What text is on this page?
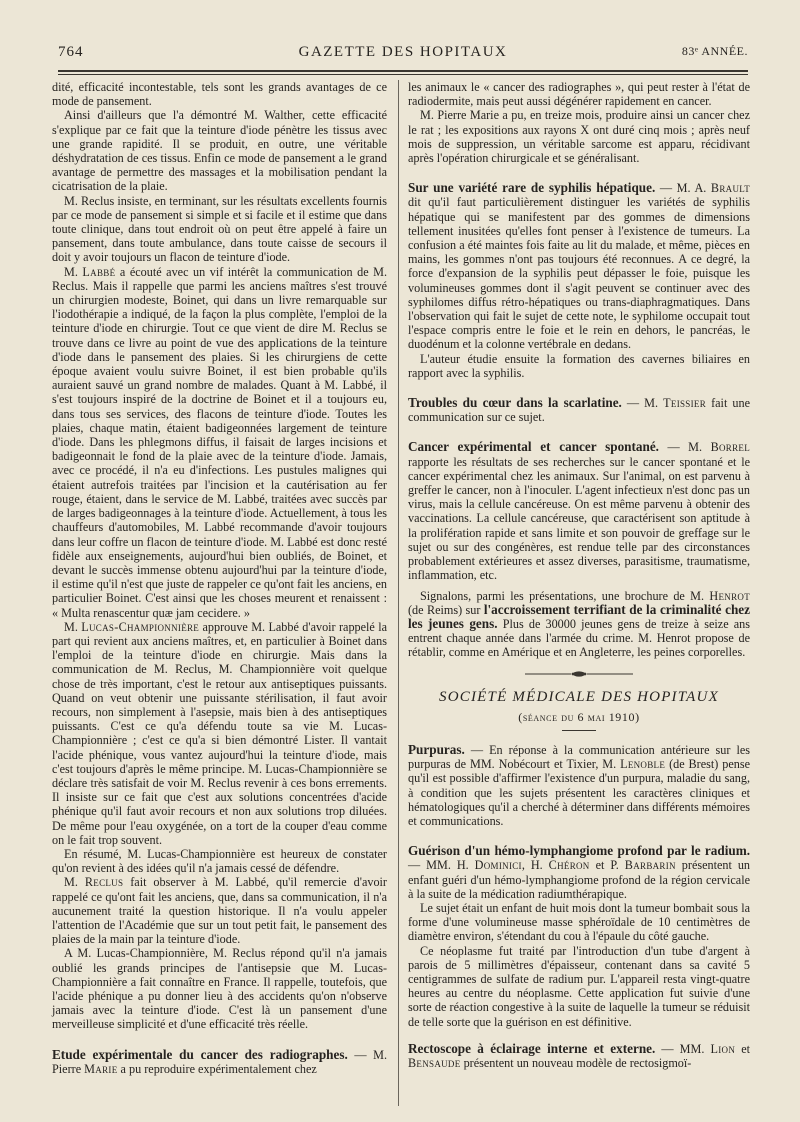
764	GAZETTE DES HOPITAUX	83ᵉ ANNÉE.

dité, efficacité incontestable, tels sont les grands avantages de ce mode de pansement.

Ainsi d'ailleurs que l'a démontré M. Walther, cette efficacité s'explique par ce fait que la teinture d'iode pénètre les tissus avec une grande rapidité. Il se produit, en outre, une véritable déshydratation de ces tissus. Enfin ce mode de pansement a le grand avantage de permettre des massages et la mobilisation pendant la cicatrisation de la plaie.

M. Reclus insiste, en terminant, sur les résultats excellents fournis par ce mode de pansement si simple et si facile et il estime que dans toute clinique, dans tout endroit où on peut être appelé à faire un pansement, dans toute ambulance, dans toute caisse de secours il doit y avoir toujours un flacon de teinture d'iode.

M. Labbé a écouté avec un vif intérêt la communication de M. Reclus. Mais il rappelle que parmi les anciens maîtres s'est trouvé un chirurgien modeste, Boinet, qui dans un livre remarquable sur l'iodothérapie a indiqué, de la façon la plus complète, l'emploi de la teinture d'iode en chirurgie. Tout ce que vient de dire M. Reclus se trouve dans ce livre au point de vue des applications de la teinture d'iode dans le pansement des plaies. Si les chirurgiens de cette époque avaient voulu suivre Boinet, il est bien probable qu'ils auraient sauvé un grand nombre de malades. Quant à M. Labbé, il s'est toujours inspiré de la doctrine de Boinet et il a toujours eu, dans tous ses services, des flacons de teinture d'iode. Toutes les plaies, chaque matin, étaient badigeonnées largement de teinture d'iode. Dans les phlegmons diffus, il faisait de larges incisions et badigeonnait le fond de la plaie avec de la teinture d'iode. Jamais, avec ce procédé, il n'a eu d'infections. Les pustules malignes qui étaient autrefois traitées par l'incision et la cautérisation au fer rouge, étaient, dans le service de M. Labbé, traitées avec succès par de larges badigeonnages à la teinture d'iode. Actuellement, à tous les chauffeurs d'automobiles, M. Labbé recommande d'avoir toujours dans leur coffre un flacon de teinture d'iode. M. Labbé est donc resté fidèle aux enseignements, aujourd'hui bien oubliés, de Boinet, et devant le succès immense obtenu aujourd'hui par la teinture d'iode, il estime qu'il n'est que juste de rappeler ce qu'ont fait les anciens, en particulier Boinet. C'est ainsi que les choses meurent et renaissent : « Multa renascentur quæ jam cecidere. »

M. Lucas-Championnière approuve M. Labbé d'avoir rappelé la part qui revient aux anciens maîtres, et, en particulier à Boinet dans l'emploi de la teinture d'iode en chirurgie. Mais dans la communication de M. Reclus, M. Championnière voit quelque chose de très important, c'est le retour aux antiseptiques puissants. Quand on veut obtenir une puissante stérilisation, il faut avoir recours, non simplement à l'asepsie, mais bien à des antiseptiques puissants. C'est ce qu'a défendu toute sa vie M. Lucas-Championnière ; c'est ce qu'a si bien démontré Lister. Il vantait l'acide phénique, vous vantez aujourd'hui la teinture d'iode, mais c'est toujours d'après le même principe. M. Lucas-Championnière se déclare très satisfait de voir M. Reclus revenir à ces bons errements. Il insiste sur ce fait que c'est aux solutions concentrées d'acide phénique qu'il faut avoir recours et non aux solutions trop diluées. De même pour l'eau oxygénée, on a tort de la couper d'eau comme on le fait trop souvent.

En résumé, M. Lucas-Championnière est heureux de constater qu'on revient à des idées qu'il n'a jamais cessé de défendre.

M. Reclus fait observer à M. Labbé, qu'il remercie d'avoir rappelé ce qu'ont fait les anciens, que, dans sa communication, il n'a aucunement traité la question historique. Il n'a voulu appeler l'attention de l'Académie que sur un tout petit fait, le pansement des plaies de la main par la teinture d'iode.

A M. Lucas-Championnière, M. Reclus répond qu'il n'a jamais oublié les grands principes de l'antisepsie que M. Lucas-Championnière a fait connaître en France. Il rappelle, toutefois, que l'acide phénique a pu donner lieu à des accidents qu'on n'observe jamais avec la teinture d'iode. C'est là un pansement d'une merveilleuse simplicité et d'une efficacité très réelle.

Etude expérimentale du cancer des radiographes. — M. Pierre Marie a pu reproduire expérimentalement chez

les animaux le « cancer des radiographes », qui peut rester à l'état de radiodermite, mais peut aussi dégénérer rapidement en cancer.

M. Pierre Marie a pu, en treize mois, produire ainsi un cancer chez le rat ; les expositions aux rayons X ont duré cinq mois ; après neuf mois de suppression, un véritable sarcome est apparu, récidivant après l'opération chirurgicale et se généralisant.

Sur une variété rare de syphilis hépatique. — M. A. Brault dit qu'il faut particulièrement distinguer les variétés de syphilis hépatique qui se manifestent par des gommes de dimensions tellement inusitées qu'elles font penser à l'existence de tumeurs. La confusion a été maintes fois faite au lit du malade, et même, pièces en mains, les gommes n'ont pas toujours été reconnues. A ce degré, la force d'expansion de la syphilis peut dépasser le foie, puisque les volumineuses gommes dont il s'agit peuvent se continuer avec des syphilomes diffus rétro-hépatiques ou trans-diaphragmatiques. Dans l'observation qui fait le sujet de cette note, le syphilome occupait tout l'espace compris entre le foie et le rein en dehors, le pancréas, le duodénum et la colonne vertébrale en dedans.

L'auteur étudie ensuite la formation des cavernes biliaires en rapport avec la syphilis.

Troubles du cœur dans la scarlatine. — M. Teissier fait une communication sur ce sujet.

Cancer expérimental et cancer spontané. — M. Borrel rapporte les résultats de ses recherches sur le cancer spontané et le cancer expérimental chez les animaux. Sur l'animal, on est parvenu à greffer le cancer, non à l'inoculer. L'agent infectieux n'est donc pas un virus, mais la cellule cancéreuse. On est même parvenu à obtenir des vaccinations. La cellule cancéreuse, que caractérisent son aptitude à la prolifération rapide et sans limite et son pouvoir de greffage sur le sujet ou sur des congénères, est rendue telle par des circonstances probablement extérieures et assez diverses, parasitisme, traumatisme, inflammation, etc.

Signalons, parmi les présentations, une brochure de M. Henrot (de Reims) sur l'accroissement terrifiant de la criminalité chez les jeunes gens. Plus de 30000 jeunes gens de treize à seize ans entrent chaque année dans l'armée du crime. M. Henrot propose de rétablir, comme en Amérique et en Angleterre, les peines corporelles.

SOCIÉTÉ MÉDICALE DES HOPITAUX
(séance du 6 mai 1910)

Purpuras. — En réponse à la communication antérieure sur les purpuras de MM. Nobécourt et Tixier, M. Lenoble (de Brest) pense qu'il est possible d'affirmer l'existence d'un purpura, maladie du sang, à condition que les sujets présentent les caractères cliniques et hématologiques qu'il a cherché à déterminer dans différents mémoires et communications.

Guérison d'un hémo-lymphangiome profond par le radium. — MM. H. Dominici, H. Chéron et P. Barbarin présentent un enfant guéri d'un hémo-lymphangiome profond de la région cervicale à la suite de la médication radiumthérapique.

Le sujet était un enfant de huit mois dont la tumeur bombait sous la forme d'une volumineuse masse sphéroïdale de 10 centimètres de diamètre environ, s'étendant du cou à l'épaule du côté gauche.

Ce néoplasme fut traité par l'introduction d'un tube d'argent à parois de 5 millimètres d'épaisseur, contenant dans sa cavité 5 centigrammes de sulfate de radium pur. L'appareil resta vingt-quatre heures au centre du néoplasme. Cette application fut suivie d'une sorte de réaction congestive à la suite de laquelle la tumeur se réduisit de telle sorte que la guérison en est définitive.

Rectoscope à éclairage interne et externe. — MM. Lion et Bensaude présentent un nouveau modèle de rectosigmoï-
